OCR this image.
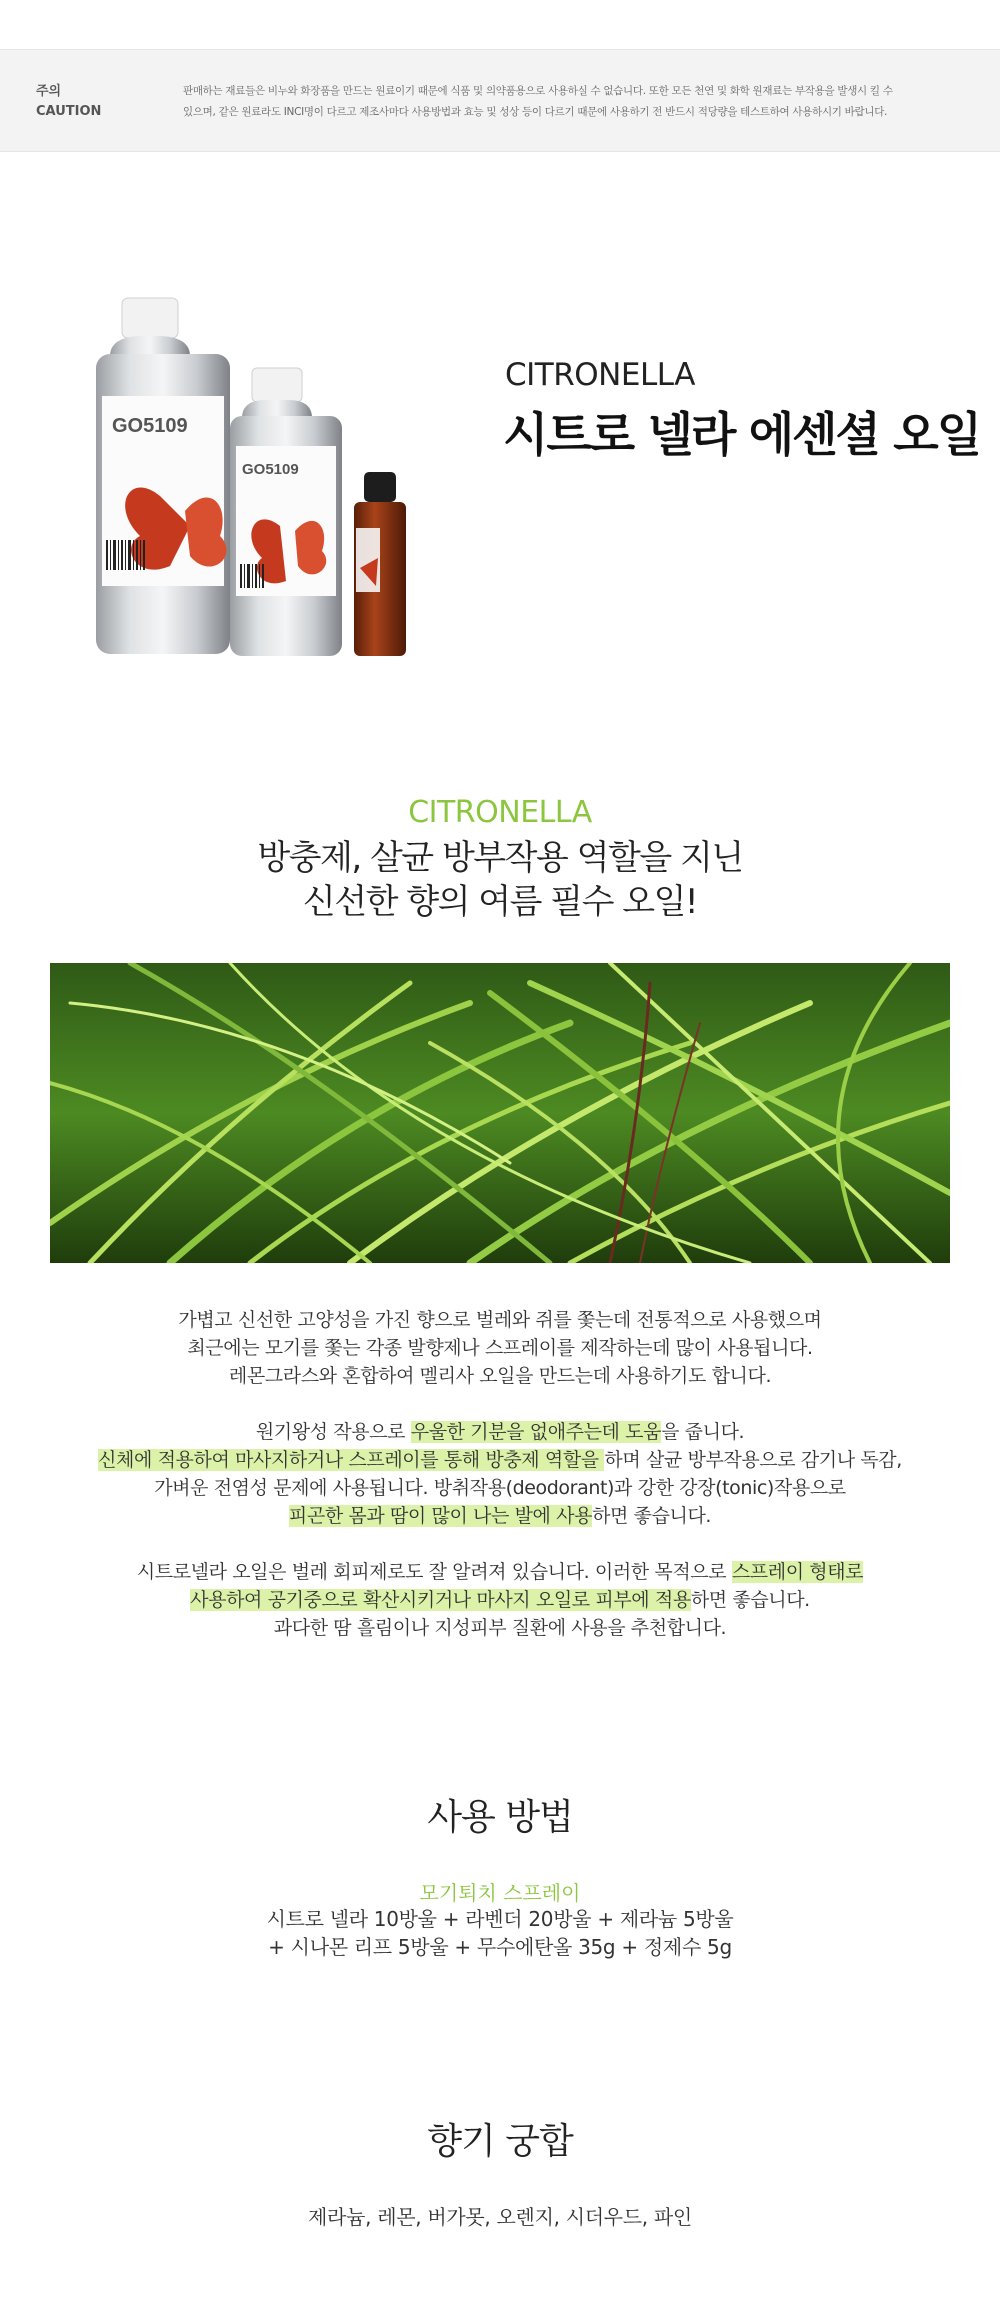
주의
CAUTION
판매하는 재료들은 비누와 화장품을 만드는 원료이기 때문에 식품 및 의약품용으로 사용하실 수 없습니다. 또한 모든 천연 및 화학 원재료는 부작용을 발생시 킬 수
있으며, 같은 원료라도 INCI명이 다르고 제조사마다 사용방법과 효능 및 성상 등이 다르기 때문에 사용하기 전 반드시 적당량을 테스트하여 사용하시기 바랍니다.
GO5109
GO5109
CITRONELLA
시트로 넬라 에센셜 오일
CITRONELLA
방충제, 살균 방부작용 역할을 지닌
신선한 향의 여름 필수 오일!
가볍고 신선한 고양성을 가진 향으로 벌레와 쥐를 쫓는데 전통적으로 사용했으며
최근에는 모기를 쫓는 각종 발향제나 스프레이를 제작하는데 많이 사용됩니다.
레몬그라스와 혼합하여 멜리사 오일을 만드는데 사용하기도 합니다.
원기왕성 작용으로 우울한 기분을 없애주는데 도움을 줍니다.
신체에 적용하여 마사지하거나 스프레이를 통해 방충제 역할을 하며 살균 방부작용으로 감기나 독감,
가벼운 전염성 문제에 사용됩니다. 방취작용(deodorant)과 강한 강장(tonic)작용으로
피곤한 몸과 땀이 많이 나는 발에 사용하면 좋습니다.
시트로넬라 오일은 벌레 회피제로도 잘 알려져 있습니다. 이러한 목적으로 스프레이 형태로
사용하여 공기중으로 확산시키거나 마사지 오일로 피부에 적용하면 좋습니다.
과다한 땀 흘림이나 지성피부 질환에 사용을 추천합니다.
사용 방법
모기퇴치 스프레이
시트로 넬라 10방울 + 라벤더 20방울 + 제라늄 5방울
+ 시나몬 리프 5방울 + 무수에탄올 35g + 정제수 5g
향기 궁합
제라늄, 레몬, 버가못, 오렌지, 시더우드, 파인
